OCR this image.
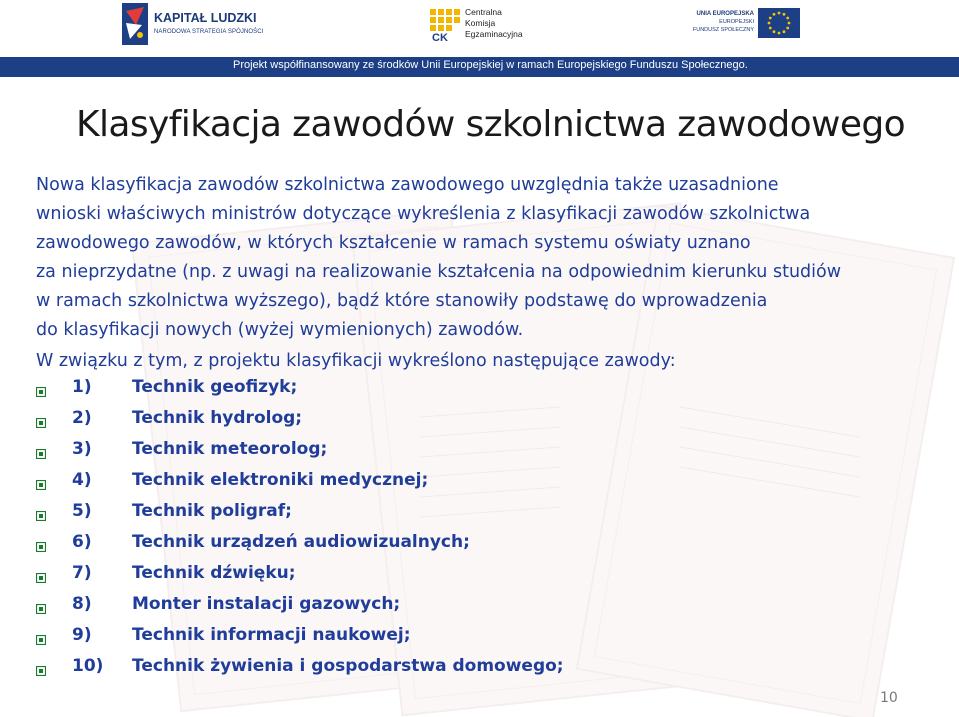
KAPITAŁ LUDZKI
NARODOWA STRATEGIA SPÓJNOŚCI	CK
Centralna
Komisja
Egzaminacyjna
UNIA EUROPEJSKA
EUROPEJSKI
FUNDUSZ SPOŁECZNY
Projekt współfinansowany ze środków Unii Europejskiej w ramach Europejskiego Funduszu Społecznego.
Klasyfikacja zawodów szkolnictwa zawodowego

Nowa klasyfikacja zawodów szkolnictwa zawodowego uwzględnia także uzasadnione
wnioski właściwych ministrów dotyczące wykreślenia z klasyfikacji zawodów szkolnictwa
zawodowego zawodów, w których kształcenie w ramach systemu oświaty uznano
za nieprzydatne (np. z uwagi na realizowanie kształcenia na odpowiednim kierunku studiów
w ramach szkolnictwa wyższego), bądź które stanowiły podstawę do wprowadzenia
do klasyfikacji nowych (wyżej wymienionych) zawodów.

W związku z tym, z projektu klasyfikacji wykreślono następujące zawody:

1) Technik geofizyk;
2) Technik hydrolog;
3) Technik meteorolog;
4) Technik elektroniki medycznej;
5) Technik poligraf;
6) Technik urządzeń audiowizualnych;
7) Technik dźwięku;
8) Monter instalacji gazowych;
9) Technik informacji naukowej;
10) Technik żywienia i gospodarstwa domowego;
10
